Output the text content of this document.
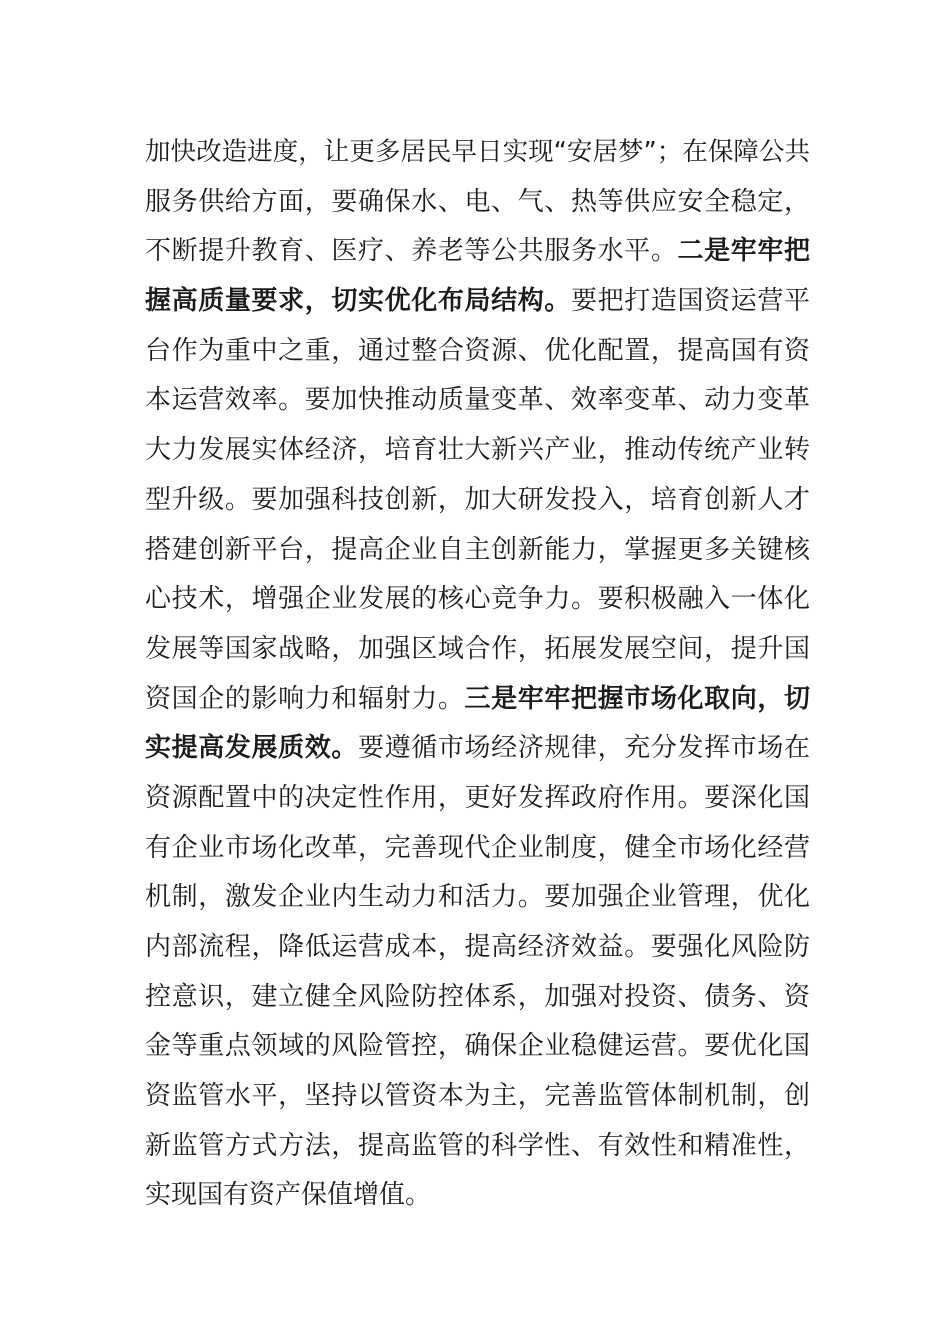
加快改造进度，让更多居民早日实现“安居梦”；在保障公共
服务供给方面，要确保水、电、气、热等供应安全稳定，
不断提升教育、医疗、养老等公共服务水平。二是牢牢把
握高质量要求，切实优化布局结构。要把打造国资运营平
台作为重中之重，通过整合资源、优化配置，提高国有资
本运营效率。要加快推动质量变革、效率变革、动力变革
大力发展实体经济，培育壮大新兴产业，推动传统产业转
型升级。要加强科技创新，加大研发投入，培育创新人才
搭建创新平台，提高企业自主创新能力，掌握更多关键核
心技术，增强企业发展的核心竞争力。要积极融入一体化
发展等国家战略，加强区域合作，拓展发展空间，提升国
资国企的影响力和辐射力。三是牢牢把握市场化取向，切
实提高发展质效。要遵循市场经济规律，充分发挥市场在
资源配置中的决定性作用，更好发挥政府作用。要深化国
有企业市场化改革，完善现代企业制度，健全市场化经营
机制，激发企业内生动力和活力。要加强企业管理，优化
内部流程，降低运营成本，提高经济效益。要强化风险防
控意识，建立健全风险防控体系，加强对投资、债务、资
金等重点领域的风险管控，确保企业稳健运营。要优化国
资监管水平，坚持以管资本为主，完善监管体制机制，创
新监管方式方法，提高监管的科学性、有效性和精准性，
实现国有资产保值增值。
